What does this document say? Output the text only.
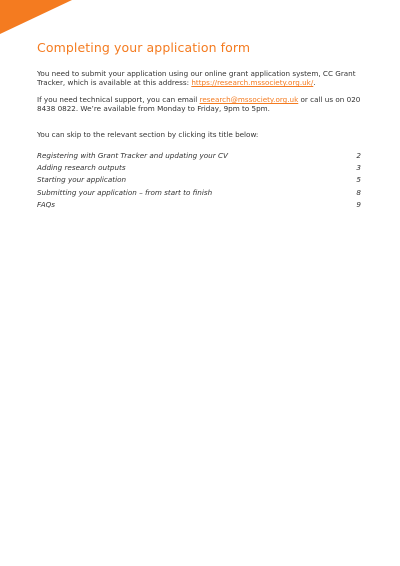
Completing your application form
You need to submit your application using our online grant application system, CC Grant Tracker, which is available at this address: https://research.mssociety.org.uk/.
If you need technical support, you can email research@mssociety.org.uk or call us on 020 8438 0822. We’re available from Monday to Friday, 9pm to 5pm.
You can skip to the relevant section by clicking its title below:
Registering with Grant Tracker and updating your CV	2
Adding research outputs	3
Starting your application	5
Submitting your application – from start to finish	8
FAQs	9
